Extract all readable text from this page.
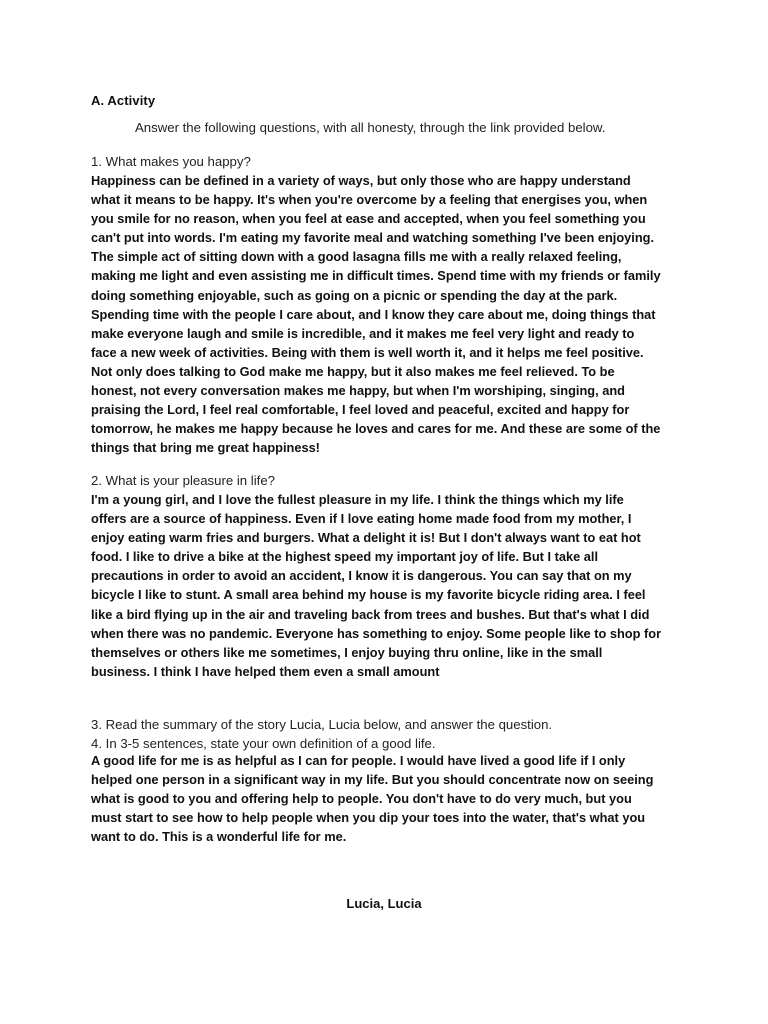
A. Activity

Answer the following questions, with all honesty, through the link provided below.

1. What makes you happy?

Happiness can be defined in a variety of ways, but only those who are happy understand
what it means to be happy. It's when you're overcome by a feeling that energises you, when
you smile for no reason, when you feel at ease and accepted, when you feel something you
can't put into words. I'm eating my favorite meal and watching something I've been enjoying.
The simple act of sitting down with a good lasagna fills me with a really relaxed feeling,
making me light and even assisting me in difficult times. Spend time with my friends or family
doing something enjoyable, such as going on a picnic or spending the day at the park.
Spending time with the people I care about, and I know they care about me, doing things that
make everyone laugh and smile is incredible, and it makes me feel very light and ready to
face a new week of activities. Being with them is well worth it, and it helps me feel positive.
Not only does talking to God make me happy, but it also makes me feel relieved. To be
honest, not every conversation makes me happy, but when I'm worshiping, singing, and
praising the Lord, I feel real comfortable, I feel loved and peaceful, excited and happy for
tomorrow, he makes me happy because he loves and cares for me. And these are some of the
things that bring me great happiness!

2. What is your pleasure in life?

I'm a young girl, and I love the fullest pleasure in my life. I think the things which my life
offers are a source of happiness. Even if I love eating home made food from my mother, I
enjoy eating warm fries and burgers. What a delight it is! But I don't always want to eat hot
food. I like to drive a bike at the highest speed my important joy of life. But I take all
precautions in order to avoid an accident, I know it is dangerous. You can say that on my
bicycle I like to stunt. A small area behind my house is my favorite bicycle riding area. I feel
like a bird flying up in the air and traveling back from trees and bushes. But that's what I did
when there was no pandemic. Everyone has something to enjoy. Some people like to shop for
themselves or others like me sometimes, I enjoy buying thru online, like in the small
business. I think I have helped them even a small amount

3. Read the summary of the story Lucia, Lucia below, and answer the question.

4. In 3-5 sentences, state your own definition of a good life.

A good life for me is as helpful as I can for people. I would have lived a good life if I only
helped one person in a significant way in my life. But you should concentrate now on seeing
what is good to you and offering help to people. You don't have to do very much, but you
must start to see how to help people when you dip your toes into the water, that's what you
want to do. This is a wonderful life for me.

Lucia, Lucia
